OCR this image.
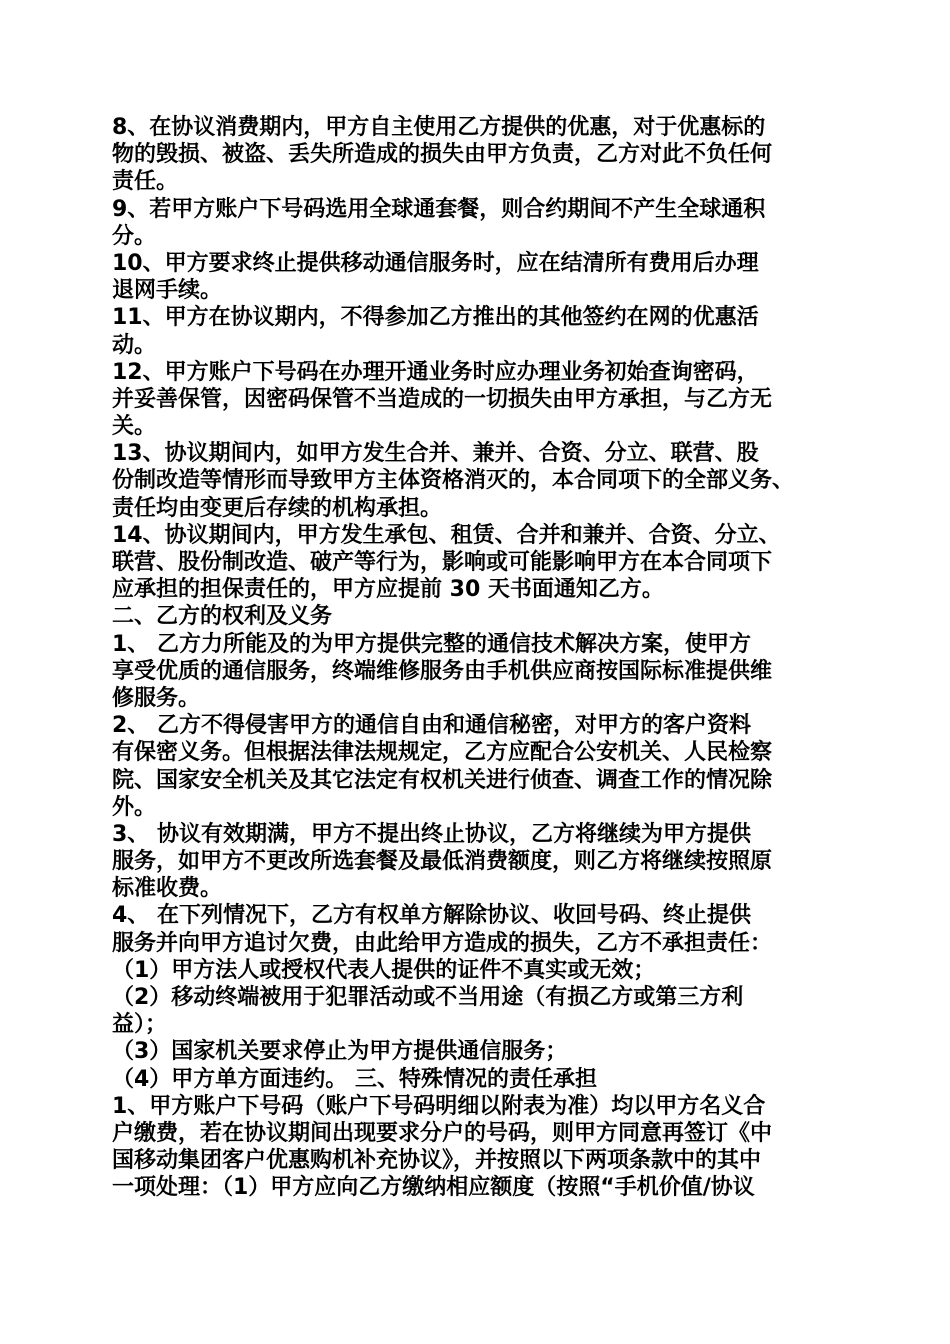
8、在协议消费期内，甲方自主使用乙方提供的优惠，对于优惠标的
物的毁损、被盗、丢失所造成的损失由甲方负责，乙方对此不负任何
责任。
9、若甲方账户下号码选用全球通套餐，则合约期间不产生全球通积
分。
10、甲方要求终止提供移动通信服务时，应在结清所有费用后办理
退网手续。
11、甲方在协议期内，不得参加乙方推出的其他签约在网的优惠活
动。
12、甲方账户下号码在办理开通业务时应办理业务初始查询密码，
并妥善保管，因密码保管不当造成的一切损失由甲方承担，与乙方无
关。
13、协议期间内，如甲方发生合并、兼并、合资、分立、联营、股
份制改造等情形而导致甲方主体资格消灭的，本合同项下的全部义务、
责任均由变更后存续的机构承担。
14、协议期间内，甲方发生承包、租赁、合并和兼并、合资、分立、
联营、股份制改造、破产等行为，影响或可能影响甲方在本合同项下
应承担的担保责任的，甲方应提前 30 天书面通知乙方。
二、乙方的权利及义务
1、 乙方力所能及的为甲方提供完整的通信技术解决方案，使甲方
享受优质的通信服务，终端维修服务由手机供应商按国际标准提供维
修服务。
2、 乙方不得侵害甲方的通信自由和通信秘密，对甲方的客户资料
有保密义务。但根据法律法规规定，乙方应配合公安机关、人民检察
院、国家安全机关及其它法定有权机关进行侦查、调查工作的情况除
外。
3、 协议有效期满，甲方不提出终止协议，乙方将继续为甲方提供
服务，如甲方不更改所选套餐及最低消费额度，则乙方将继续按照原
标准收费。
4、 在下列情况下，乙方有权单方解除协议、收回号码、终止提供
服务并向甲方追讨欠费，由此给甲方造成的损失，乙方不承担责任：
（1）甲方法人或授权代表人提供的证件不真实或无效；
（2）移动终端被用于犯罪活动或不当用途（有损乙方或第三方利
益）；
（3）国家机关要求停止为甲方提供通信服务；
（4）甲方单方面违约。 三、特殊情况的责任承担
1、甲方账户下号码（账户下号码明细以附表为准）均以甲方名义合
户缴费，若在协议期间出现要求分户的号码，则甲方同意再签订《中
国移动集团客户优惠购机补充协议》，并按照以下两项条款中的其中
一项处理：（1）甲方应向乙方缴纳相应额度（按照“手机价值/协议
